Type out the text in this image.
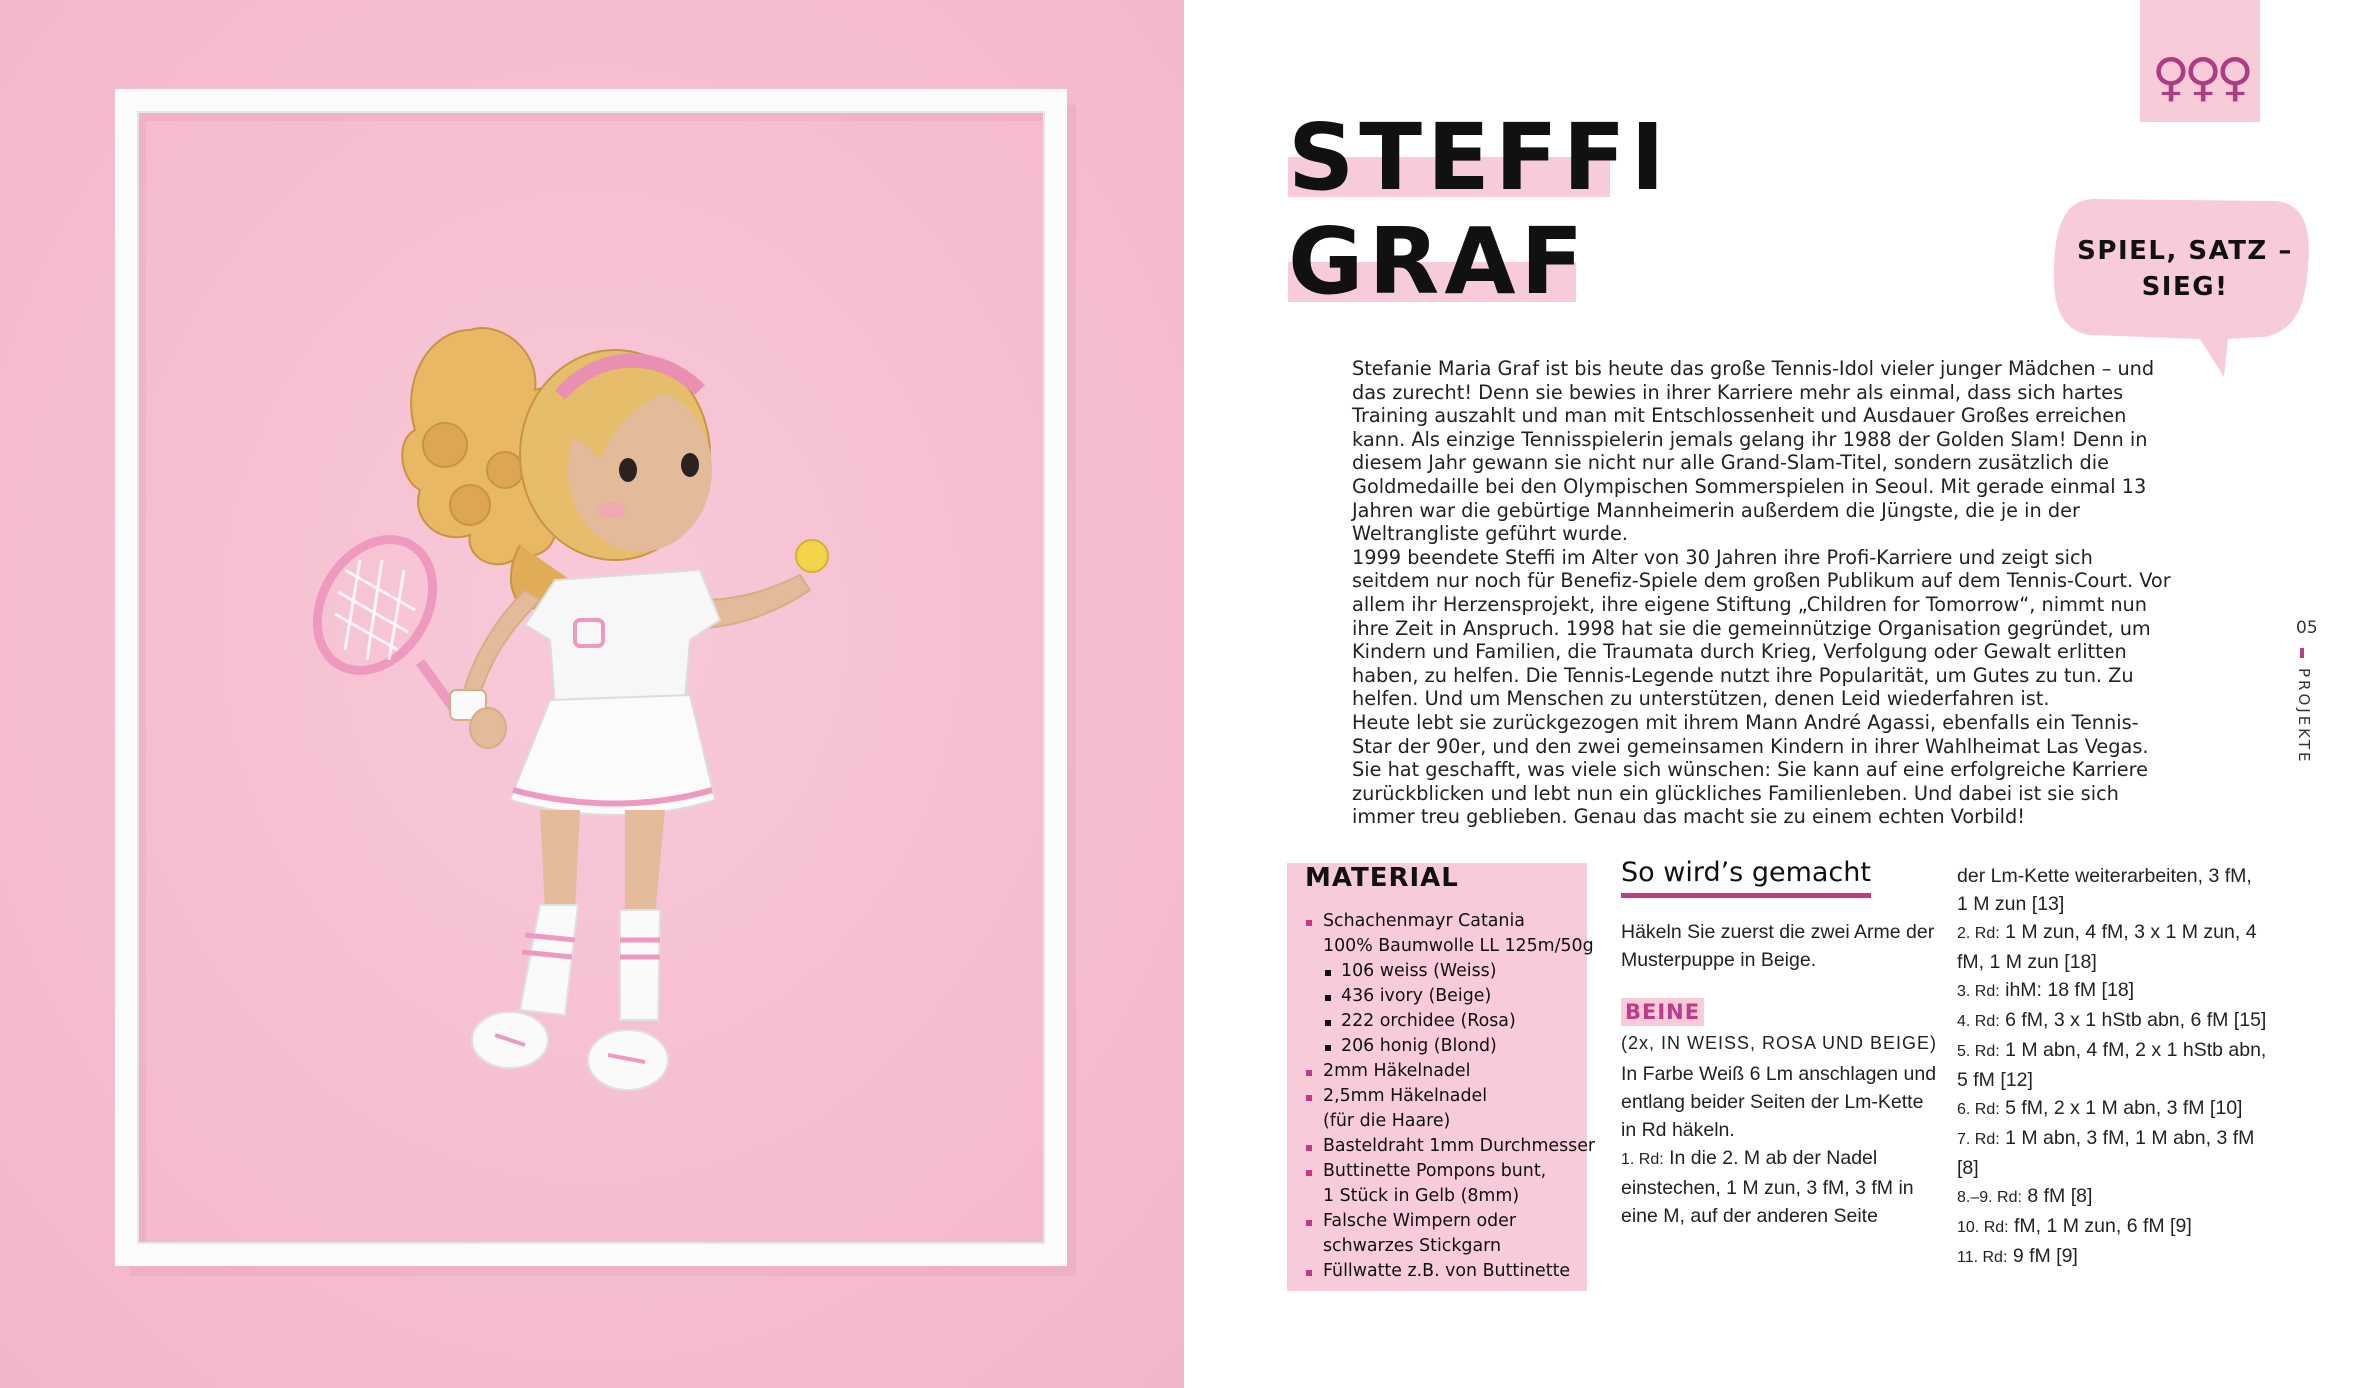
♀♀♀
STEFFI
GRAF	SPIEL, SATZ – SIEG!

Stefanie Maria Graf ist bis heute das große Tennis-Idol vieler junger Mädchen – und das zurecht! Denn sie bewies in ihrer Karriere mehr als einmal, dass sich hartes Training auszahlt und man mit Entschlossenheit und Ausdauer Großes erreichen kann. Als einzige Tennisspielerin jemals gelang ihr 1988 der Golden Slam! Denn in diesem Jahr gewann sie nicht nur alle Grand-Slam-Titel, sondern zusätzlich die Goldmedaille bei den Olympischen Sommerspielen in Seoul. Mit gerade einmal 13 Jahren war die gebürtige Mannheimerin außerdem die Jüngste, die je in der Weltrangliste geführt wurde.

1999 beendete Steffi im Alter von 30 Jahren ihre Profi-Karriere und zeigt sich seitdem nur noch für Benefiz-Spiele dem großen Publikum auf dem Tennis-Court. Vor allem ihr Herzensprojekt, ihre eigene Stiftung „Children for Tomorrow“, nimmt nun ihre Zeit in Anspruch. 1998 hat sie die gemeinnützige Organisation gegründet, um Kindern und Familien, die Traumata durch Krieg, Verfolgung oder Gewalt erlitten haben, zu helfen. Die Tennis-Legende nutzt ihre Popularität, um Gutes zu tun. Zu helfen. Und um Menschen zu unterstützen, denen Leid wiederfahren ist.

Heute lebt sie zurückgezogen mit ihrem Mann André Agassi, ebenfalls ein Tennis-Star der 90er, und den zwei gemeinsamen Kindern in ihrer Wahlheimat Las Vegas. Sie hat geschafft, was viele sich wünschen: Sie kann auf eine erfolgreiche Karriere zurückblicken und lebt nun ein glückliches Familienleben. Und dabei ist sie sich immer treu geblieben. Genau das macht sie zu einem echten Vorbild!

05
PROJEKTE
MATERIAL
Schachenmayr Catania
100% Baumwolle LL 125m/50g
106 weiss (Weiss)
436 ivory (Beige)
222 orchidee (Rosa)
206 honig (Blond)
2mm Häkelnadel
2,5mm Häkelnadel
(für die Haare)
Basteldraht 1mm Durchmesser
Buttinette Pompons bunt,
1 Stück in Gelb (8mm)
Falsche Wimpern oder
schwarzes Stickgarn
Füllwatte z.B. von Buttinette
So wird’s gemacht

Häkeln Sie zuerst die zwei Arme der Musterpuppe in Beige.

BEINE

(2x, IN WEISS, ROSA UND BEIGE)

In Farbe Weiß 6 Lm anschlagen und entlang beider Seiten der Lm-Kette in Rd häkeln.

1. Rd: In die 2. M ab der Nadel einstechen, 1 M zun, 3 fM, 3 fM in eine M, auf der anderen Seite

der Lm-Kette weiterarbeiten, 3 fM, 1 M zun [13]

2. Rd: 1 M zun, 4 fM, 3 x 1 M zun, 4 fM, 1 M zun [18]

3. Rd: ihM: 18 fM [18]

4. Rd: 6 fM, 3 x 1 hStb abn, 6 fM [15]

5. Rd: 1 M abn, 4 fM, 2 x 1 hStb abn, 5 fM [12]

6. Rd: 5 fM, 2 x 1 M abn, 3 fM [10]

7. Rd: 1 M abn, 3 fM, 1 M abn, 3 fM [8]

8.–9. Rd: 8 fM [8]

10. Rd: fM, 1 M zun, 6 fM [9]

11. Rd: 9 fM [9]
